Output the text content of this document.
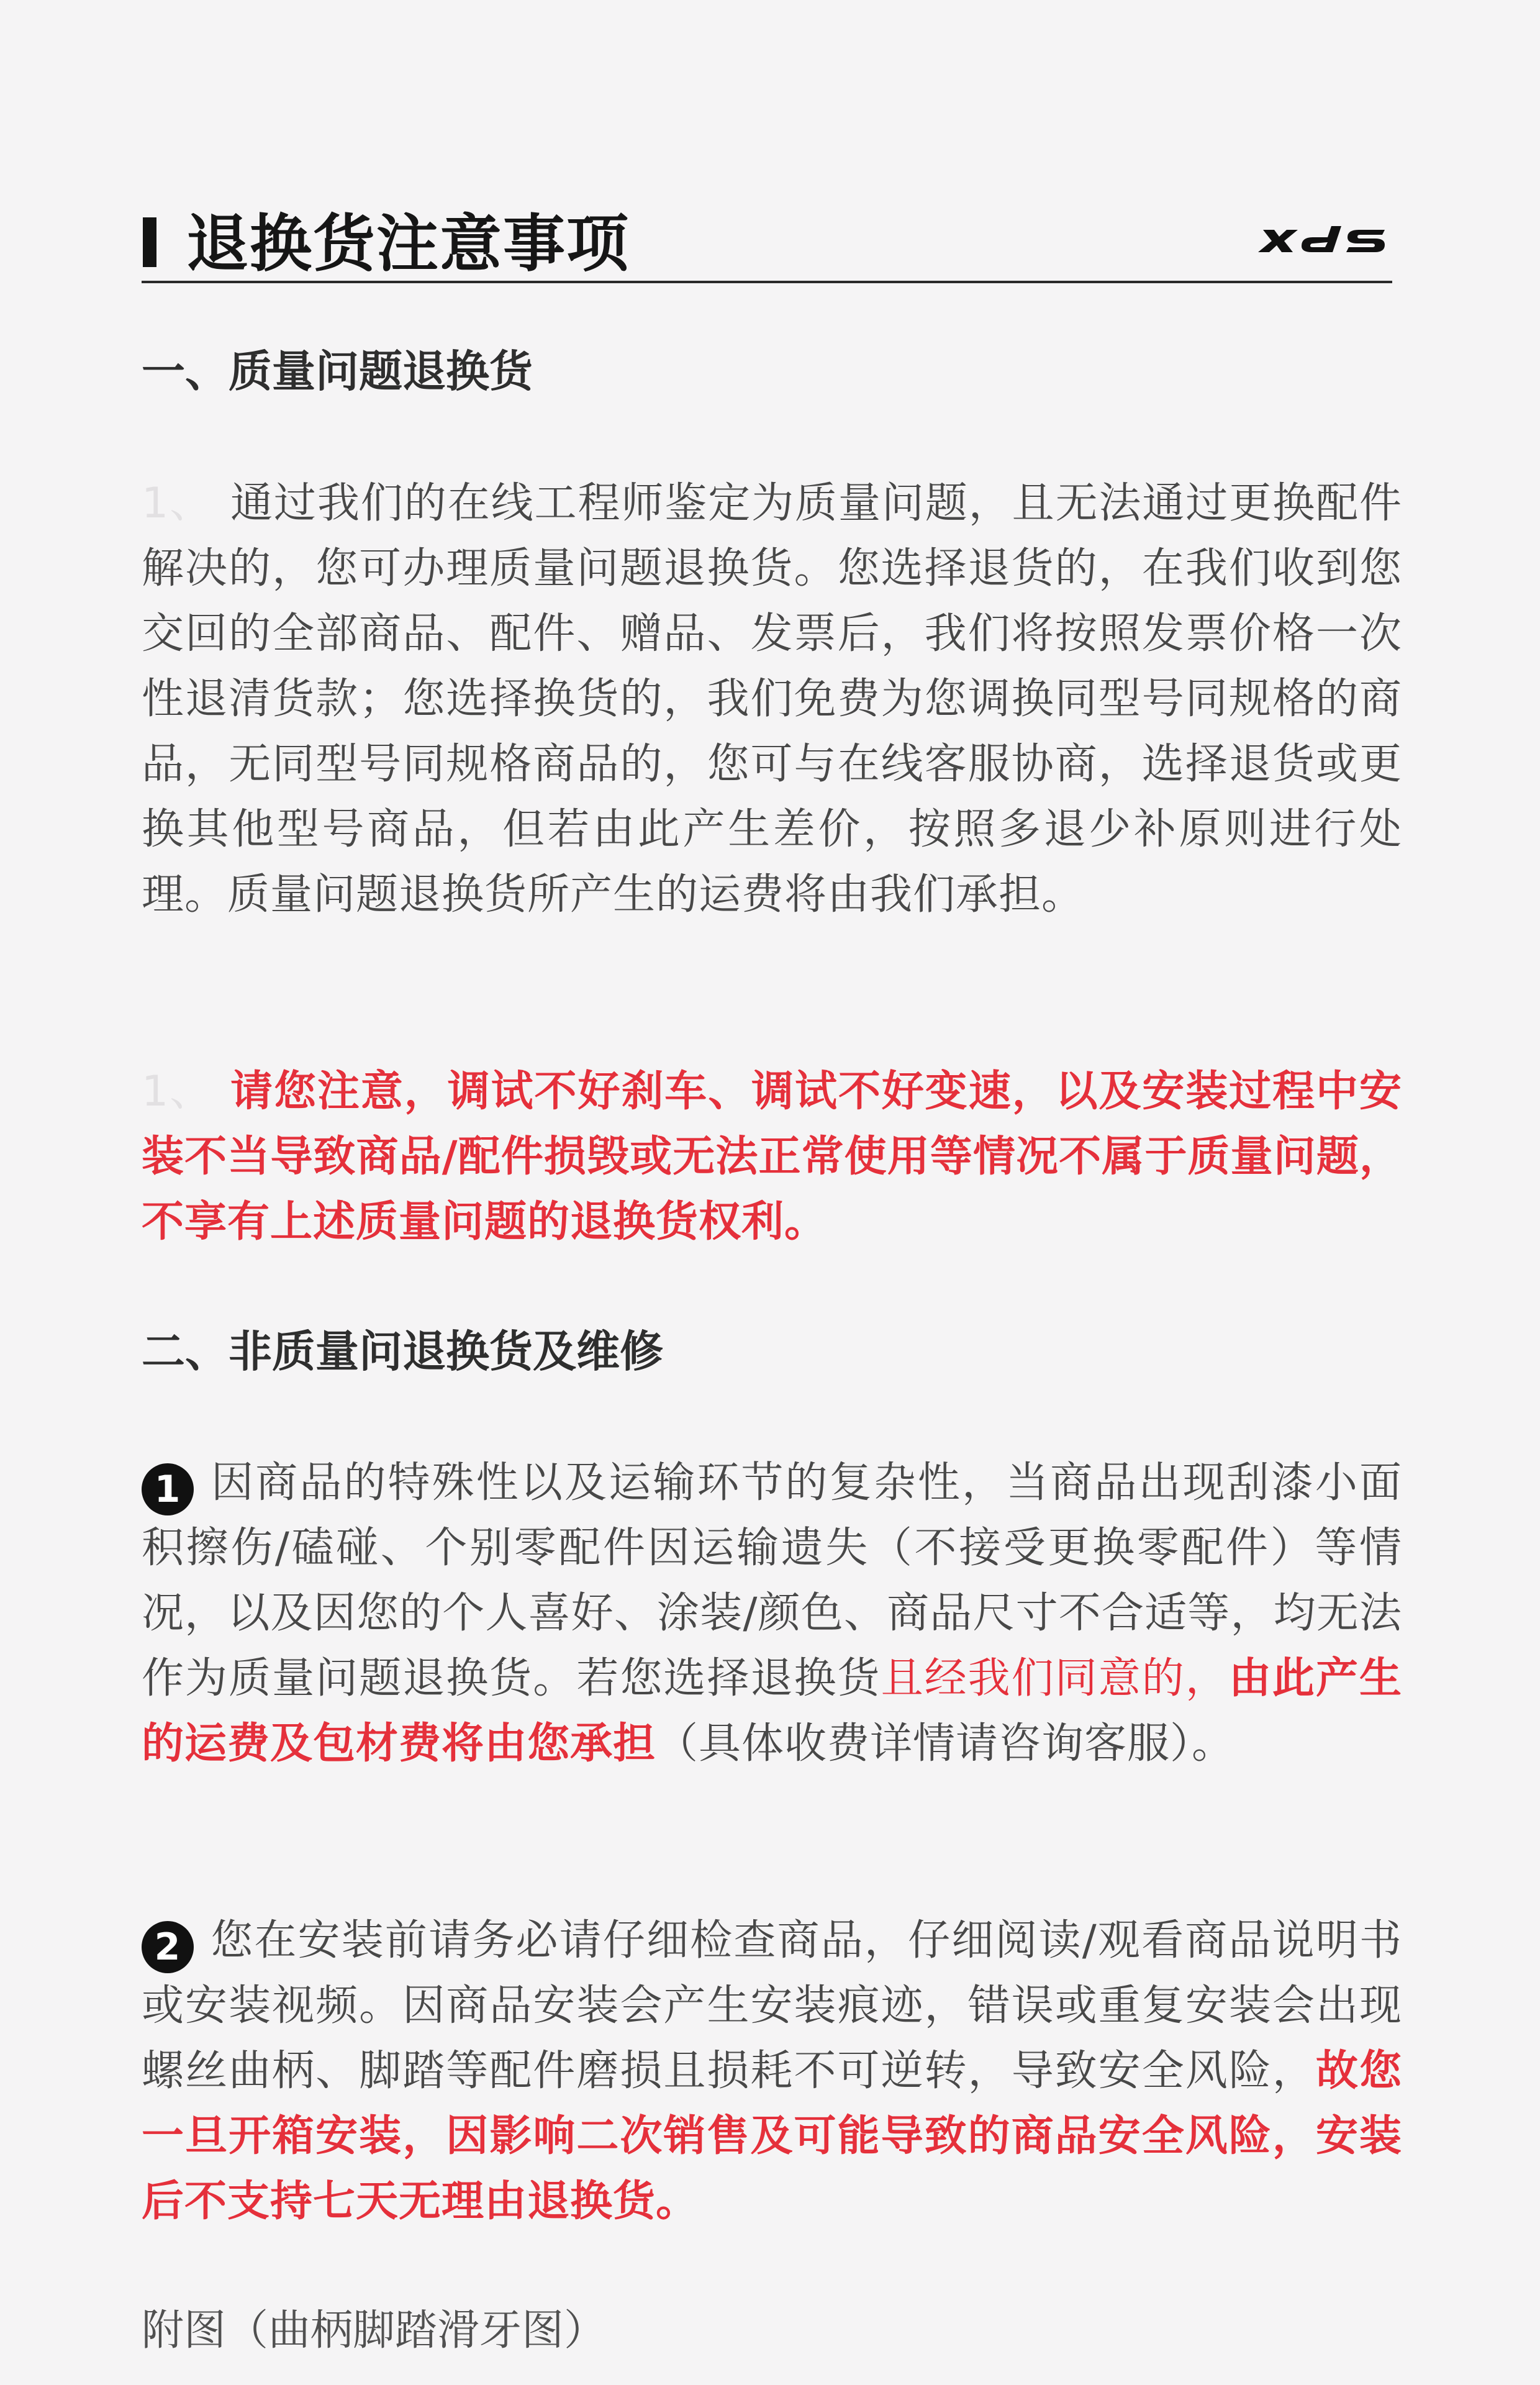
退换货注意事项
一、质量问题退换货
1、 通过我们的在线工程师鉴定为质量问题，且无法通过更换配件解决的，您可办理质量问题退换货。您选择退货的，在我们收到您交回的全部商品、配件、赠品、发票后，我们将按照发票价格一次性退清货款；您选择换货的，我们免费为您调换同型号同规格的商品，无同型号同规格商品的，您可与在线客服协商，选择退货或更换其他型号商品，但若由此产生差价，按照多退少补原则进行处理。质量问题退换货所产生的运费将由我们承担。
1、 请您注意，调试不好刹车、调试不好变速，以及安装过程中安装不当导致商品/配件损毁或无法正常使用等情况不属于质量问题，不享有上述质量问题的退换货权利。
二、非质量问退换货及维修
1 因商品的特殊性以及运输环节的复杂性，当商品出现刮漆小面积擦伤/磕碰、个别零配件因运输遗失（不接受更换零配件）等情况，以及因您的个人喜好、涂装/颜色、商品尺寸不合适等，均无法作为质量问题退换货。若您选择退换货且经我们同意的，由此产生的运费及包材费将由您承担（具体收费详情请咨询客服）。
2 您在安装前请务必请仔细检查商品，仔细阅读/观看商品说明书或安装视频。因商品安装会产生安装痕迹，错误或重复安装会出现螺丝曲柄、脚踏等配件磨损且损耗不可逆转，导致安全风险，故您一旦开箱安装，因影响二次销售及可能导致的商品安全风险，安装后不支持七天无理由退换货。
附图（曲柄脚踏滑牙图）
